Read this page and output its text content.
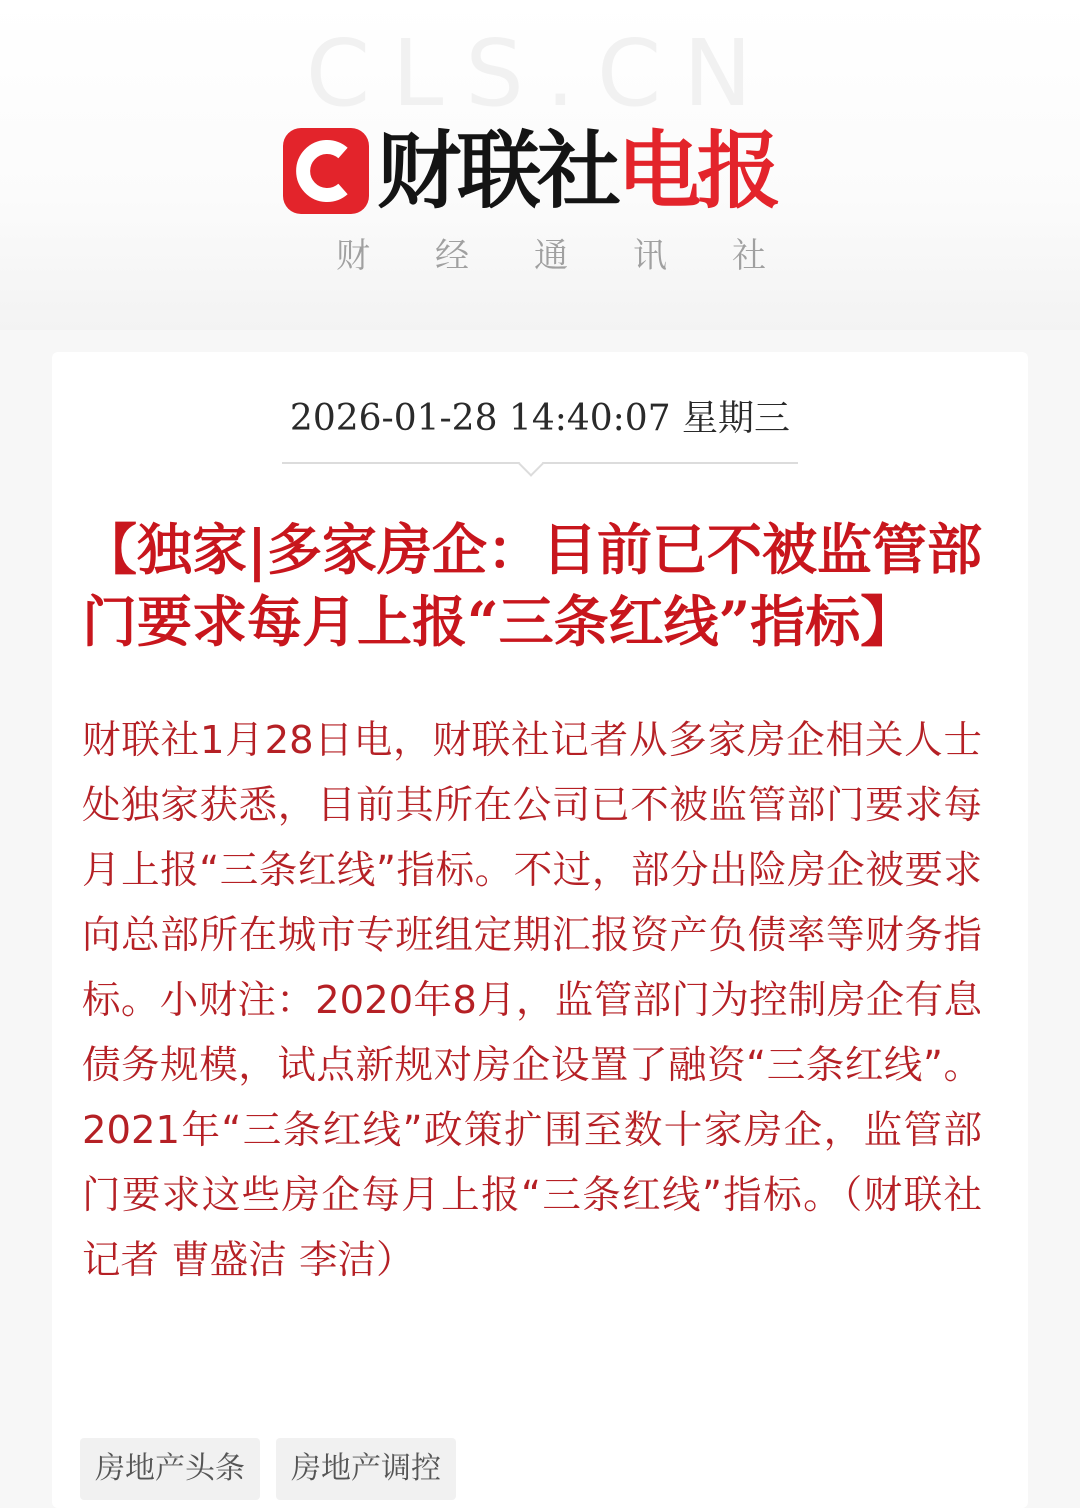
CLS.CN
财联社 电报
财 经 通 讯 社
2026-01-28 14:40:07 星期三
【独家|多家房企：目前已不被监管部门要求每月上报“三条红线”指标】

财联社1月28日电，财联社记者从多家房企相关人士处独家获悉，目前其所在公司已不被监管部门要求每月上报“三条红线”指标。不过，部分出险房企被要求向总部所在城市专班组定期汇报资产负债率等财务指标。小财注：2020年8月，监管部门为控制房企有息债务规模，试点新规对房企设置了融资“三条红线”。2021年“三条红线”政策扩围至数十家房企，监管部门要求这些房企每月上报“三条红线”指标。（财联社记者 曹盛洁 李洁）

房地产头条	房地产调控
